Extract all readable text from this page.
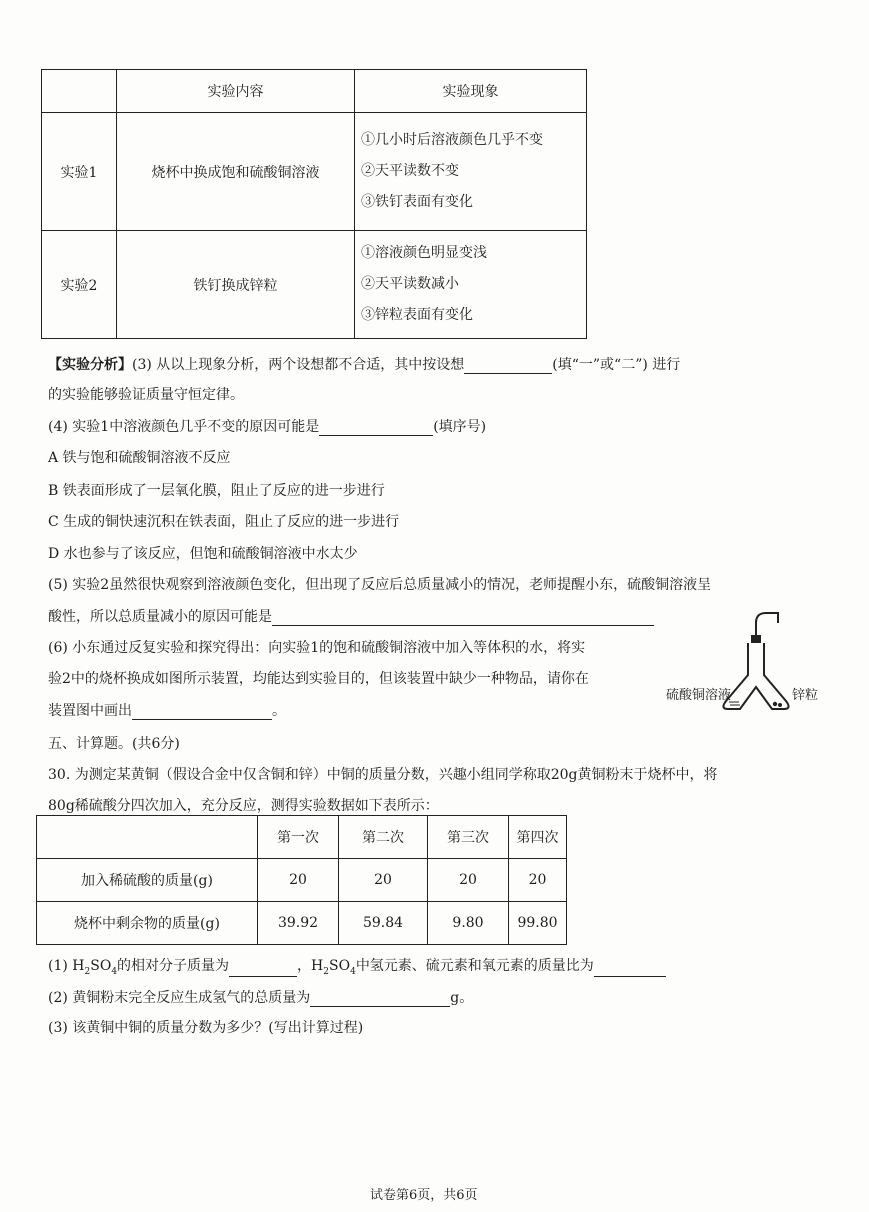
	实验内容	实验现象
实验1	烧杯中换成饱和硫酸铜溶液	①几小时后溶液颜色几乎不变
②天平读数不变
③铁钉表面有变化

实验2	铁钉换成锌粒	①溶液颜色明显变浅
②天平读数减小
③锌粒表面有变化
【实验分析】(3) 从以上现象分析，两个设想都不合适，其中按设想	(填“一”或“二”) 进行
的实验能够验证质量守恒定律。
(4) 实验1中溶液颜色几乎不变的原因可能是	(填序号)
A 铁与饱和硫酸铜溶液不反应
B 铁表面形成了一层氧化膜，阻止了反应的进一步进行
C 生成的铜快速沉积在铁表面，阻止了反应的进一步进行
D 水也参与了该反应，但饱和硫酸铜溶液中水太少
(5) 实验2虽然很快观察到溶液颜色变化，但出现了反应后总质量减小的情况，老师提醒小东，硫酸铜溶液呈
酸性，所以总质量减小的原因可能是
(6) 小东通过反复实验和探究得出：向实验1的饱和硫酸铜溶液中加入等体积的水，将实
验2中的烧杯换成如图所示装置，均能达到实验目的，但该装置中缺少一种物品，请你在
装置图中画出	。
硫酸铜溶液	锌粒
五、计算题。(共6分)
30. 为测定某黄铜（假设合金中仅含铜和锌）中铜的质量分数，兴趣小组同学称取20g黄铜粉末于烧杯中，将
80g稀硫酸分四次加入，充分反应，测得实验数据如下表所示：
	第一次	第二次	第三次	第四次
加入稀硫酸的质量(g)	20	20	20	20
烧杯中剩余物的质量(g)	39.92	59.84	9.80	99.80
(1) $H_2SO_4$的相对分子质量为	，$H_2SO_4$中氢元素、硫元素和氧元素的质量比为
(2) 黄铜粉末完全反应生成氢气的总质量为	g。
(3) 该黄铜中铜的质量分数为多少？(写出计算过程)
试卷第6页，共6页
